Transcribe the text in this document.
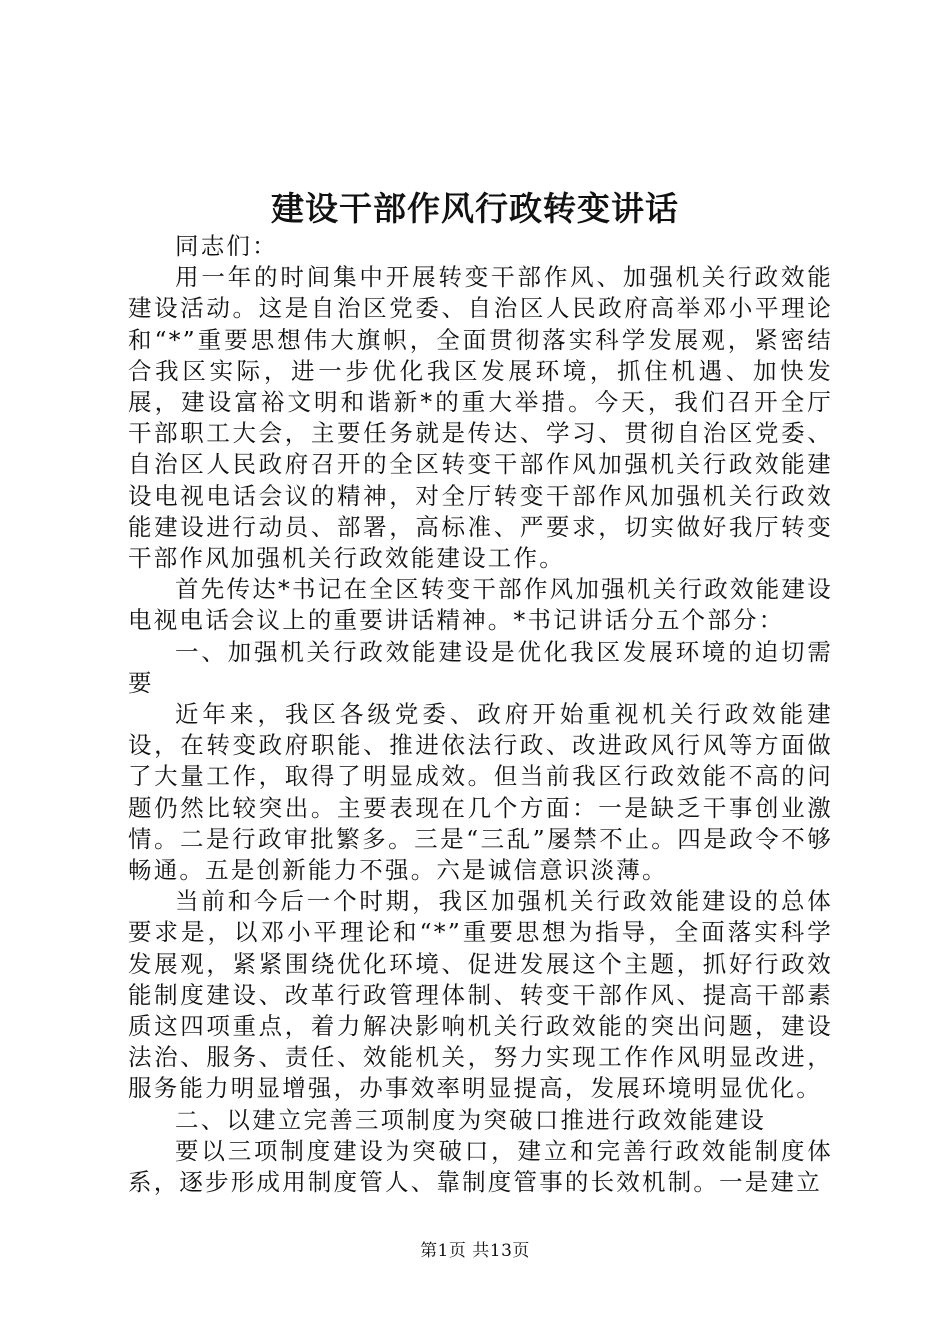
建设干部作风行政转变讲话

同志们：

用一年的时间集中开展转变干部作风、加强机关行政效能建设活动。这是自治区党委、自治区人民政府高举邓小平理论和“*”重要思想伟大旗帜，全面贯彻落实科学发展观，紧密结合我区实际，进一步优化我区发展环境，抓住机遇、加快发展，建设富裕文明和谐新*的重大举措。今天，我们召开全厅干部职工大会，主要任务就是传达、学习、贯彻自治区党委、自治区人民政府召开的全区转变干部作风加强机关行政效能建设电视电话会议的精神，对全厅转变干部作风加强机关行政效能建设进行动员、部署，高标准、严要求，切实做好我厅转变干部作风加强机关行政效能建设工作。

首先传达*书记在全区转变干部作风加强机关行政效能建设电视电话会议上的重要讲话精神。*书记讲话分五个部分：

一、加强机关行政效能建设是优化我区发展环境的迫切需要

近年来，我区各级党委、政府开始重视机关行政效能建设，在转变政府职能、推进依法行政、改进政风行风等方面做了大量工作，取得了明显成效。但当前我区行政效能不高的问题仍然比较突出。主要表现在几个方面：一是缺乏干事创业激情。二是行政审批繁多。三是“三乱”屡禁不止。四是政令不够畅通。五是创新能力不强。六是诚信意识淡薄。

当前和今后一个时期，我区加强机关行政效能建设的总体要求是，以邓小平理论和“*”重要思想为指导，全面落实科学发展观，紧紧围绕优化环境、促进发展这个主题，抓好行政效能制度建设、改革行政管理体制、转变干部作风、提高干部素质这四项重点，着力解决影响机关行政效能的突出问题，建设法治、服务、责任、效能机关，努力实现工作作风明显改进，服务能力明显增强，办事效率明显提高，发展环境明显优化。

二、以建立完善三项制度为突破口推进行政效能建设

要以三项制度建设为突破口，建立和完善行政效能制度体系，逐步形成用制度管人、靠制度管事的长效机制。一是建立

第1页 共13页
